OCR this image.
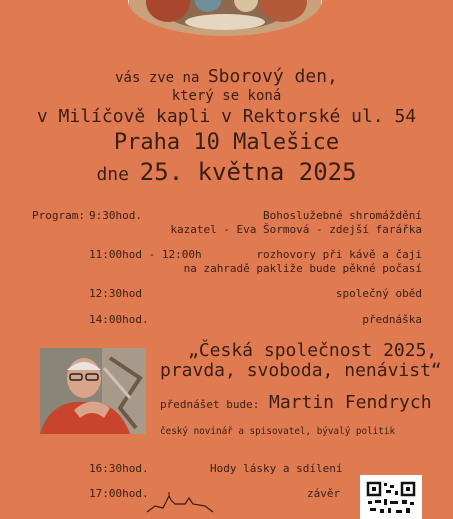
vás zve na Sborový den,
který se koná
v Milíčově kapli v Rektorské ul. 54
Praha 10 Malešice
dne 25. května 2025
Program: 9:30hod.	Bohoslužebné shromáždění
kazatel - Eva Šormová - zdejší farářka
11:00hod - 12:00h	rozhovory při kávě a čaji
na zahradě pakliže bude pěkné počasí
12:30hod	společný oběd
14:00hod.	přednáška
„Česká společnost 2025,
pravda, svoboda, nenávist“
přednášet bude: Martin Fendrych
český novinář a spisovatel, bývalý politik
16:30hod.	Hody lásky a sdílení
17:00hod.	závěr
